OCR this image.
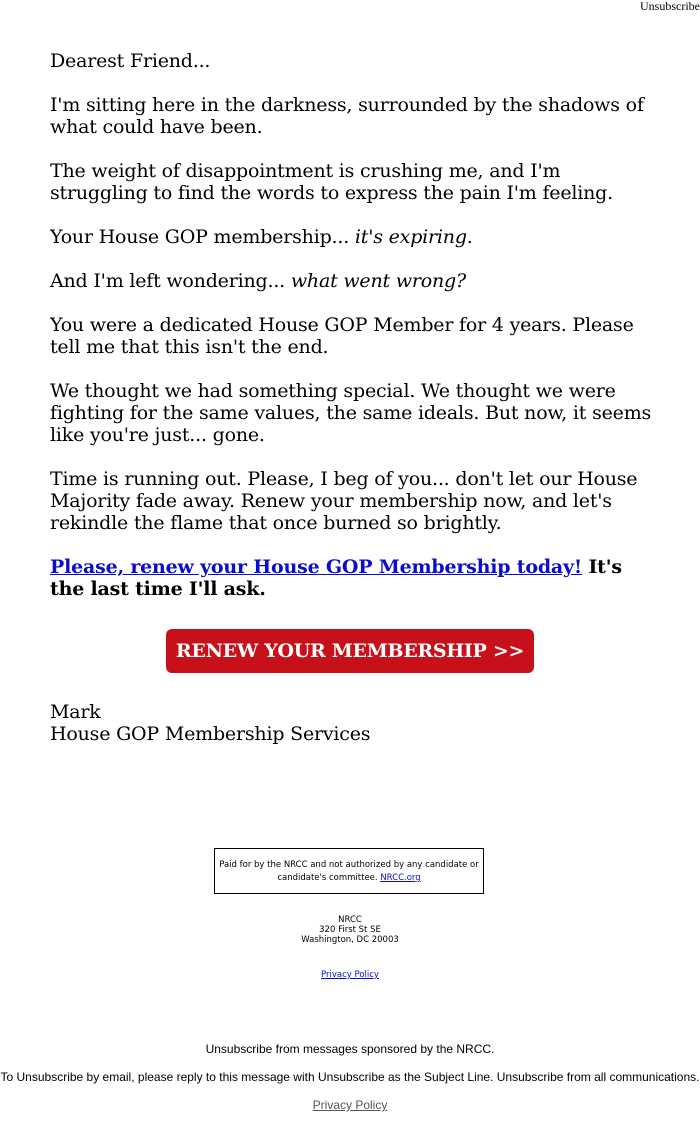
Unsubscribe

Dearest Friend...

I'm sitting here in the darkness, surrounded by the shadows of what could have been.

The weight of disappointment is crushing me, and I'm struggling to find the words to express the pain I'm feeling.

Your House GOP membership... it's expiring.

And I'm left wondering... what went wrong?

You were a dedicated House GOP Member for 4 years. Please tell me that this isn't the end.

We thought we had something special. We thought we were fighting for the same values, the same ideals. But now, it seems like you're just... gone.

Time is running out. Please, I beg of you... don't let our House Majority fade away. Renew your membership now, and let's rekindle the flame that once burned so brightly.

Please, renew your House GOP Membership today! It's the last time I'll ask.

RENEW YOUR MEMBERSHIP >>
Mark
House GOP Membership Services
Paid for by the NRCC and not authorized by any candidate or candidate's committee. NRCC.org
NRCC
320 First St SE
Washington, DC 20003
Privacy Policy
Unsubscribe from messages sponsored by the NRCC.
To Unsubscribe by email, please reply to this message with Unsubscribe as the Subject Line. Unsubscribe from all communications.
Privacy Policy
